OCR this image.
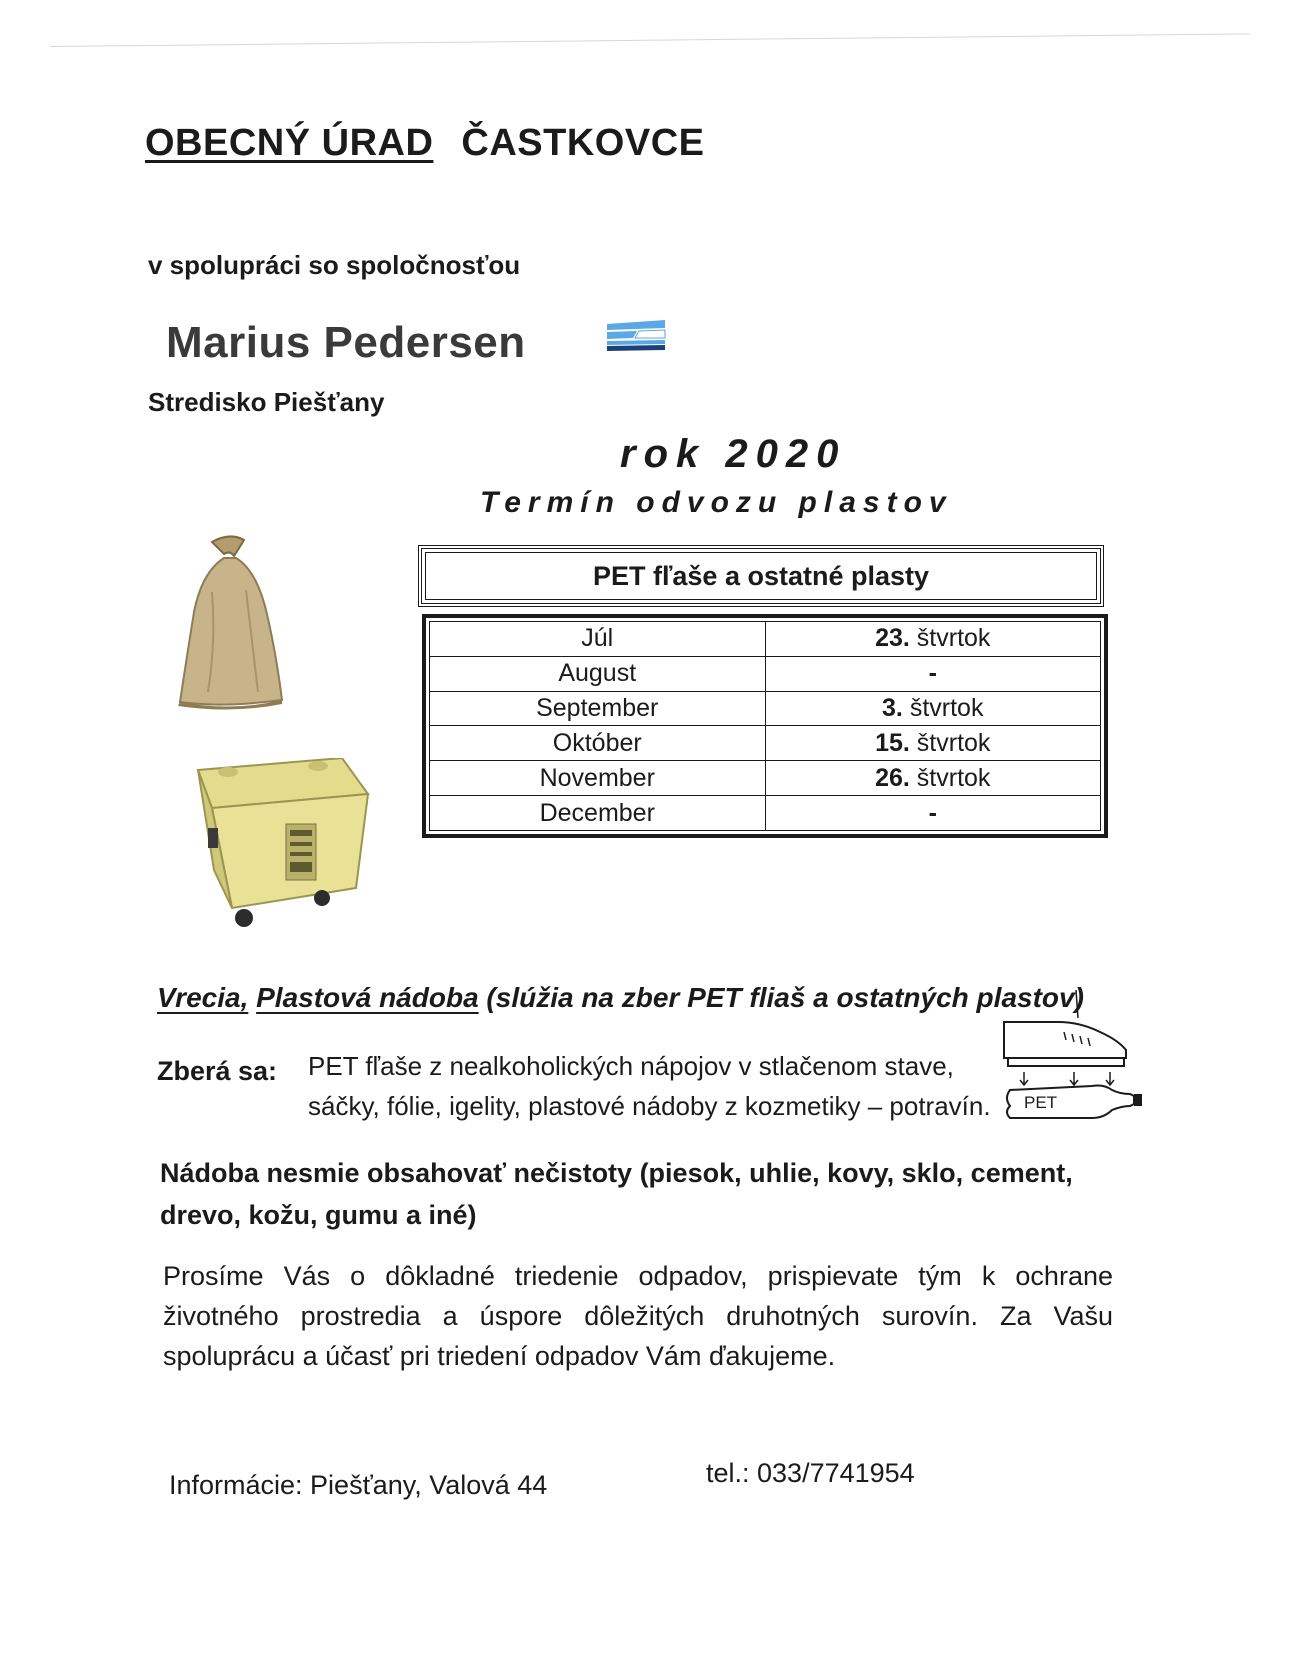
OBECNÝ ÚRAD ČASTKOVCE
v spolupráci so spoločnosťou
Marius Pedersen
Stredisko Piešťany
rok 2020
Termín odvozu plastov
PET fľaše a ostatné plasty
Júl	23. štvrtok
August	-
September	3. štvrtok
Október	15. štvrtok
November	26. štvrtok
December	-
Vrecia, Plastová nádoba (slúžia na zber PET fliaš a ostatných plastov)
Zberá sa: PET fľaše z nealkoholických nápojov v stlačenom stave,
sáčky, fólie, igelity, plastové nádoby z kozmetiky – potravín. PET
Nádoba nesmie obsahovať nečistoty (piesok, uhlie, kovy, sklo, cement, drevo, kožu, gumu a iné)
Prosíme Vás o dôkladné triedenie odpadov, prispievate tým k ochrane životného prostredia a úspore dôležitých druhotných surovín. Za Vašu spoluprácu a účasť pri triedení odpadov Vám ďakujeme.
Informácie: Piešťany, Valová 44	tel.: 033/7741954
